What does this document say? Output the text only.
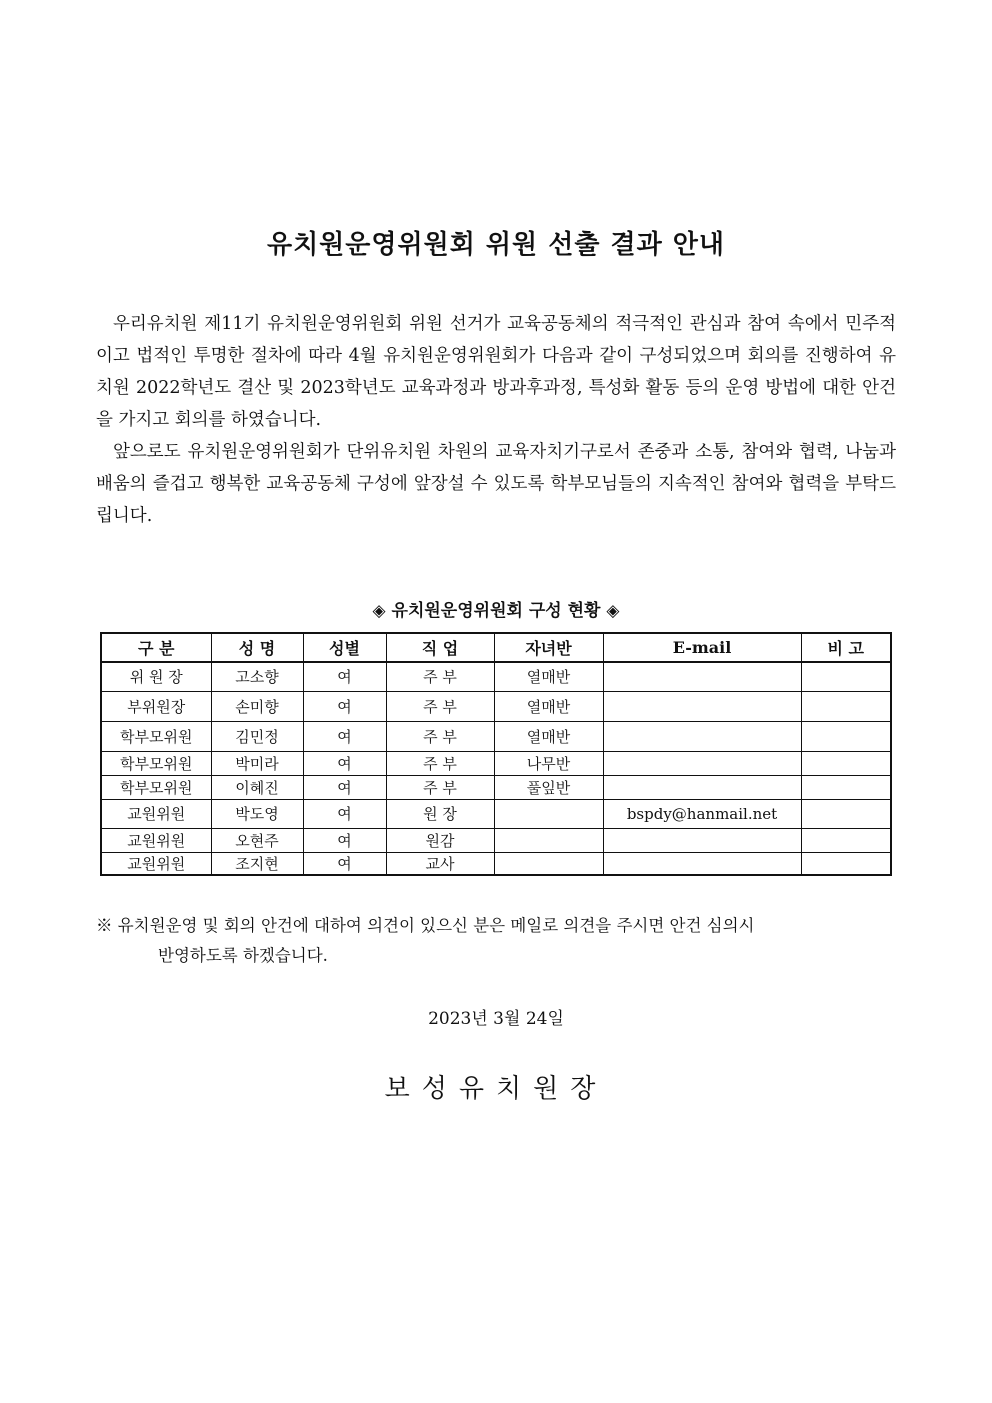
유치원운영위원회 위원 선출 결과 안내

우리유치원 제11기 유치원운영위원회 위원 선거가 교육공동체의 적극적인 관심과 참여 속에서 민주적이고 법적인 투명한 절차에 따라 4월 유치원운영위원회가 다음과 같이 구성되었으며 회의를 진행하여 유치원 2022학년도 결산 및 2023학년도 교육과정과 방과후과정, 특성화 활동 등의 운영 방법에 대한 안건을 가지고 회의를 하였습니다.

앞으로도 유치원운영위원회가 단위유치원 차원의 교육자치기구로서 존중과 소통, 참여와 협력, 나눔과 배움의 즐겁고 행복한 교육공동체 구성에 앞장설 수 있도록 학부모님들의 지속적인 참여와 협력을 부탁드립니다.

◈ 유치원운영위원회 구성 현황 ◈
구 분	성 명	성별	직 업	자녀반	E-mail	비 고
위 원 장	고소향	여	주 부	열매반		
부위원장	손미향	여	주 부	열매반		
학부모위원	김민정	여	주 부	열매반		
학부모위원	박미라	여	주 부	나무반		
학부모위원	이혜진	여	주 부	풀잎반		
교원위원	박도영	여	원 장		bspdy@hanmail.net	
교원위원	오현주	여	원감			
교원위원	조지현	여	교사			
※ 유치원운영 및 회의 안건에 대하여 의견이 있으신 분은 메일로 의견을 주시면 안건 심의시
반영하도록 하겠습니다.
2023년 3월 24일
보성유치원장
